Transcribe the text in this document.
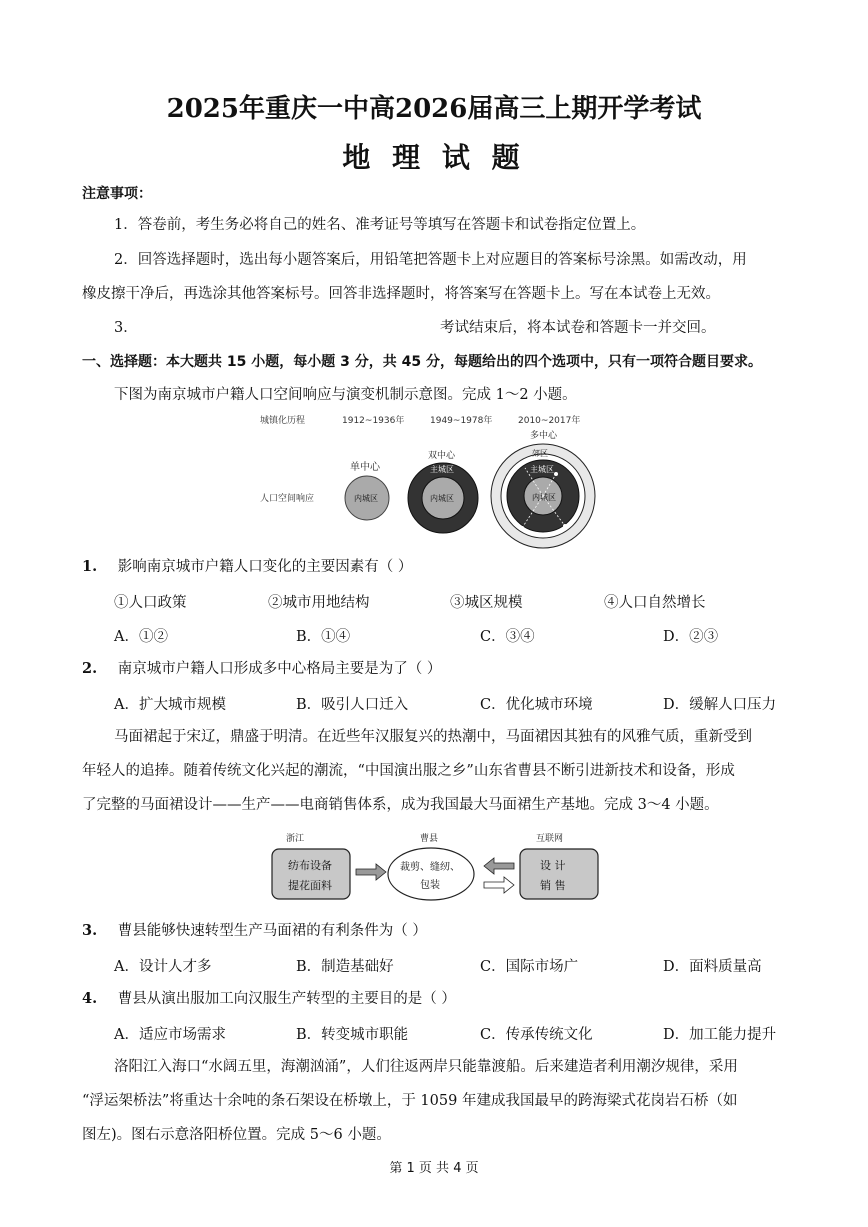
2025年重庆一中高2026届高三上期开学考试
地 理 试 题
注意事项：
1．答卷前，考生务必将自己的姓名、准考证号等填写在答题卡和试卷指定位置上。
2．回答选择题时，选出每小题答案后，用铅笔把答题卡上对应题目的答案标号涂黑。如需改动，用
橡皮擦干净后，再选涂其他答案标号。回答非选择题时，将答案写在答题卡上。写在本试卷上无效。
3．	考试结束后，将本试卷和答题卡一并交回。
一、选择题：本大题共 15 小题，每小题 3 分，共 45 分，每题给出的四个选项中，只有一项符合题目要求。
下图为南京城市户籍人口空间响应与演变机制示意图。完成 1～2 小题。
城镇化历程	1912~1936年	1949~1978年	2010~2017年
人口空间响应
单中心
内城区
双中心
主城区
内城区
多中心
郊区
主城区
内城区
1. 影响南京城市户籍人口变化的主要因素有（ ）
①人口政策	②城市用地结构	③城区规模	④人口自然增长
A．①②	B．①④	C．③④	D．②③
2. 南京城市户籍人口形成多中心格局主要是为了（ ）
A．扩大城市规模	B．吸引人口迁入	C．优化城市环境	D．缓解人口压力
马面裙起于宋辽，鼎盛于明清。在近些年汉服复兴的热潮中，马面裙因其独有的风雅气质，重新受到
年轻人的追捧。随着传统文化兴起的潮流，“中国演出服之乡”山东省曹县不断引进新技术和设备，形成
了完整的马面裙设计——生产——电商销售体系，成为我国最大马面裙生产基地。完成 3～4 小题。
浙江	曹县	互联网
纺布设备
提花面料
裁剪、缝纫、
包装
设 计
销 售
3. 曹县能够快速转型生产马面裙的有利条件为（ ）
A．设计人才多	B．制造基础好	C．国际市场广	D．面料质量高
4. 曹县从演出服加工向汉服生产转型的主要目的是（ ）
A．适应市场需求	B．转变城市职能	C．传承传统文化	D．加工能力提升
洛阳江入海口“水阔五里，海潮汹涌”，人们往返两岸只能靠渡船。后来建造者利用潮汐规律，采用
“浮运架桥法”将重达十余吨的条石架设在桥墩上，于 1059 年建成我国最早的跨海梁式花岗岩石桥（如
图左)。图右示意洛阳桥位置。完成 5～6 小题。
第 1 页 共 4 页
